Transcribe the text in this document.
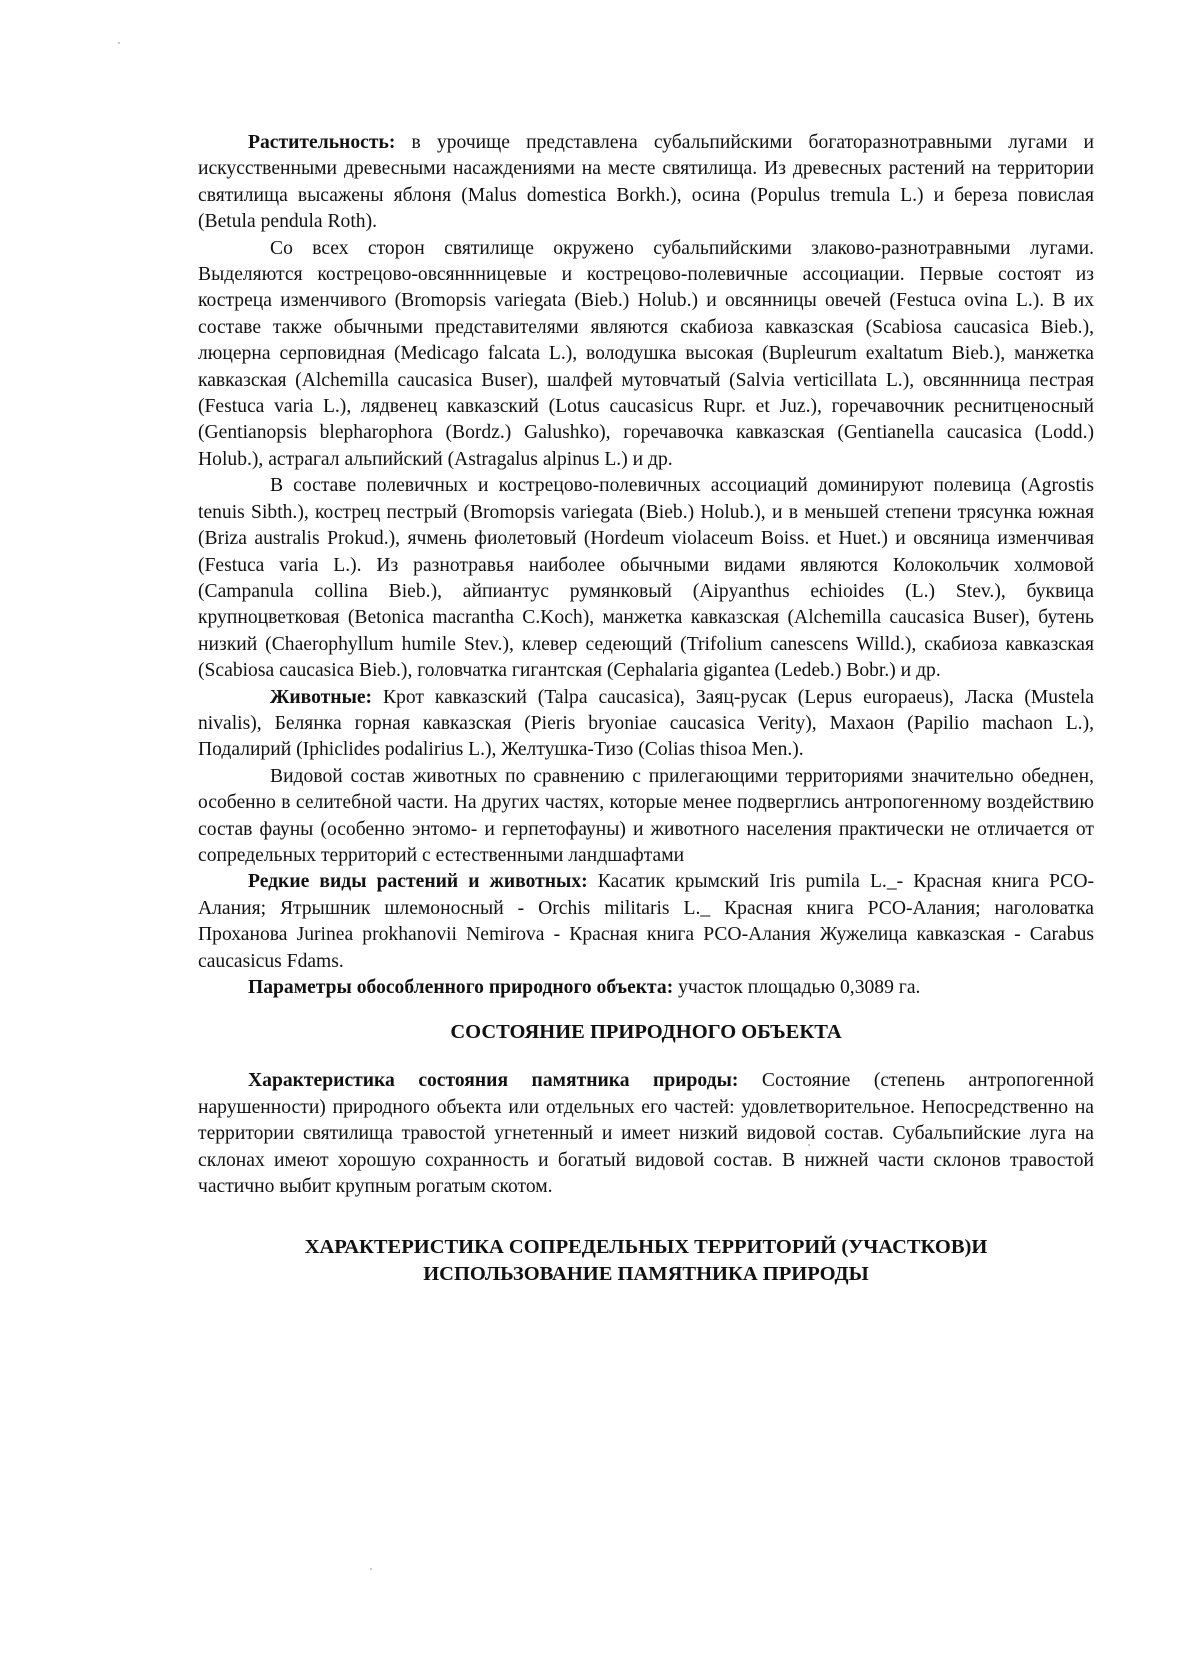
Растительность: в урочище представлена субальпийскими богаторазнотравными лугами и искусственными древесными насаждениями на месте святилища. Из древесных растений на территории святилища высажены яблоня (Malus domestica Borkh.), осина (Populus tremula L.) и береза повислая (Betula pendula Roth).

Со всех сторон святилище окружено субальпийскими злаково-разнотравными лугами. Выделяются кострецово-овсяннницевые и кострецово-полевичные ассоциации. Первые состоят из костреца изменчивого (Bromopsis variegata (Bieb.) Holub.) и овсянницы овечей (Festuca ovina L.). В их составе также обычными представителями являются скабиоза кавказская (Scabiosa caucasica Bieb.), люцерна серповидная (Medicago falcata L.), володушка высокая (Bupleurum exaltatum Bieb.), манжетка кавказская (Alchemilla caucasica Buser), шалфей мутовчатый (Salvia verticillata L.), овсяннница пестрая (Festuca varia L.), лядвенец кавказский (Lotus caucasicus Rupr. et Juz.), горечавочник реснитценосный (Gentianopsis blepharophora (Bordz.) Galushko), горечавочка кавказская (Gentianella caucasica (Lodd.) Holub.), астрагал альпийский (Astragalus alpinus L.) и др.

В составе полевичных и кострецово-полевичных ассоциаций доминируют полевица (Agrostis tenuis Sibth.), кострец пестрый (Bromopsis variegata (Bieb.) Holub.), и в меньшей степени трясунка южная (Briza australis Prokud.), ячмень фиолетовый (Hordeum violaceum Boiss. et Huet.) и овсяница изменчивая (Festuca varia L.). Из разнотравья наиболее обычными видами являются Колокольчик холмовой (Campanula collina Bieb.), айпиантус румянковый (Aipyanthus echioides (L.) Stev.), буквица крупноцветковая (Betonica macrantha C.Koch), манжетка кавказская (Alchemilla caucasica Buser), бутень низкий (Chaerophyllum humile Stev.), клевер седеющий (Trifolium canescens Willd.), скабиоза кавказская (Scabiosa caucasica Bieb.), головчатка гигантская (Cephalaria gigantea (Ledeb.) Bobr.) и др.

Животные: Крот кавказский (Talpa caucasica), Заяц-русак (Lepus europaeus), Ласка (Mustela nivalis), Белянка горная кавказская (Pieris bryoniae caucasica Verity), Махаон (Papilio machaon L.), Подалирий (Iphiclides podalirius L.), Желтушка-Тизо (Colias thisoa Men.).

Видовой состав животных по сравнению с прилегающими территориями значительно обеднен, особенно в селитебной части. На других частях, которые менее подверглись антропогенному воздействию состав фауны (особенно энтомо- и герпетофауны) и животного населения практически не отличается от сопредельных территорий с естественными ландшафтами

Редкие виды растений и животных: Касатик крымский Iris pumila L._- Красная книга РСО-Алания; Ятрышник шлемоносный - Orchis militaris L._ Красная книга РСО-Алания; наголоватка Проханова Jurinea prokhanovii Nemirova - Красная книга РСО-Алания Жужелица кавказская - Carabus caucasicus Fdams.

Параметры обособленного природного объекта: участок площадью 0,3089 га.

СОСТОЯНИЕ ПРИРОДНОГО ОБЪЕКТА

Характеристика состояния памятника природы: Состояние (степень антропогенной нарушенности) природного объекта или отдельных его частей: удовлетворительное. Непосредственно на территории святилища травостой угнетенный и имеет низкий видовой состав. Субальпийские луга на склонах имеют хорошую сохранность и богатый видовой состав. В нижней части склонов травостой частично выбит крупным рогатым скотом.

ХАРАКТЕРИСТИКА СОПРЕДЕЛЬНЫХ ТЕРРИТОРИЙ (УЧАСТКОВ)И
ИСПОЛЬЗОВАНИЕ ПАМЯТНИКА ПРИРОДЫ
